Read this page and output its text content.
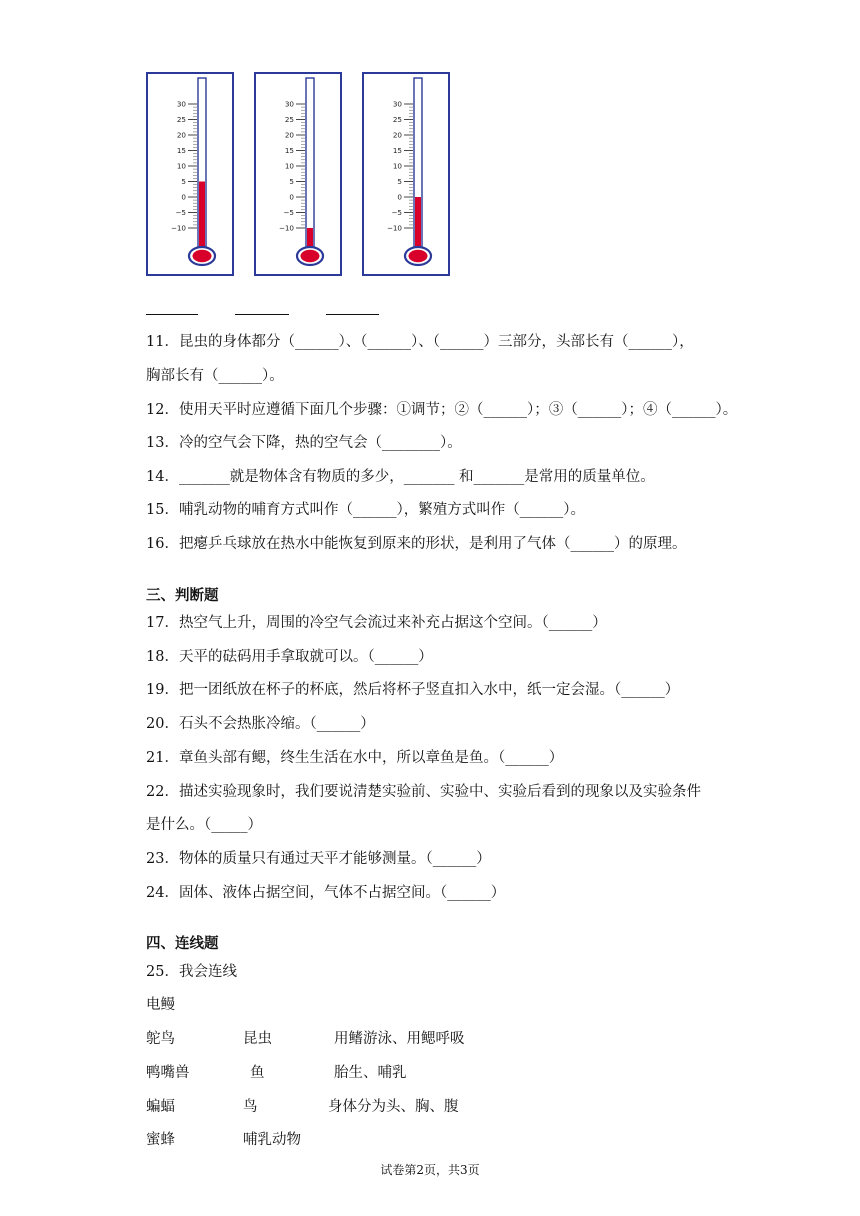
30
25
20
15
10
5
0
−5
−10
30
25
20
15
10
5
0
−5
−10
30
25
20
15
10
5
0
−5
−10
11．昆虫的身体都分（______）、（______）、（______）三部分，头部长有（______），
胸部长有（______）。
12．使用天平时应遵循下面几个步骤：①调节；②（______）；③（______）；④（______）。
13．冷的空气会下降，热的空气会（________）。
14．_______就是物体含有物质的多少，_______ 和_______是常用的质量单位。
15．哺乳动物的哺育方式叫作（______），繁殖方式叫作（______）。
16．把瘪乒乓球放在热水中能恢复到原来的形状，是利用了气体（______）的原理。
三、判断题
17．热空气上升，周围的冷空气会流过来补充占据这个空间。（______）
18．天平的砝码用手拿取就可以。（______）
19．把一团纸放在杯子的杯底，然后将杯子竖直扣入水中，纸一定会湿。（______）
20．石头不会热胀冷缩。（______）
21．章鱼头部有鳃，终生生活在水中，所以章鱼是鱼。（______）
22．描述实验现象时，我们要说清楚实验前、实验中、实验后看到的现象以及实验条件
是什么。（_____）
23．物体的质量只有通过天平才能够测量。（______）
24．固体、液体占据空间，气体不占据空间。（______）
四、连线题
25．我会连线
电鳗
鸵鸟
鸭嘴兽
蝙蝠
蜜蜂
昆虫
鱼
鸟
哺乳动物
用鳍游泳、用鳃呼吸
胎生、哺乳
身体分为头、胸、腹
试卷第2页，共3页
